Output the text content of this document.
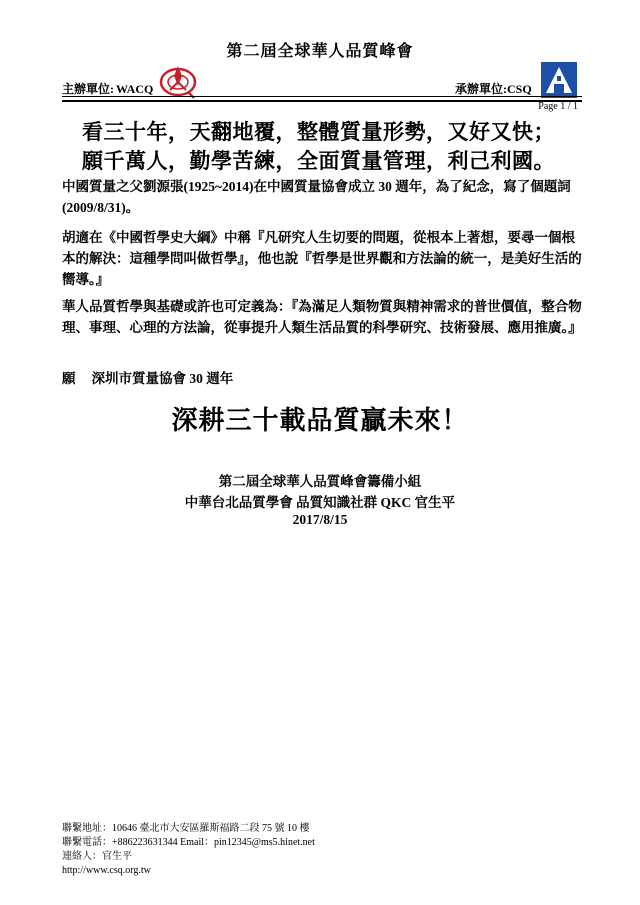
第二屆全球華人品質峰會
主辦單位: WACQ	承辦單位:CSQ
Page 1 / 1
看三十年，天翻地覆，整體質量形勢，又好又快；
願千萬人，勤學苦練，全面質量管理，利己利國。
中國質量之父劉源張(1925~2014)在中國質量協會成立 30 週年，為了紀念，寫了個題詞(2009/8/31)。
胡適在《中國哲學史大綱》中稱『凡研究人生切要的問題，從根本上著想，要尋一個根本的解決：這種學問叫做哲學』，他也說『哲學是世界觀和方法論的統一，是美好生活的嚮導。』
華人品質哲學與基礎或許也可定義為：『為滿足人類物質與精神需求的普世價值，整合物理、事理、心理的方法論，從事提升人類生活品質的科學研究、技術發展、應用推廣。』
願 深圳市質量協會 30 週年
深耕三十載品質贏未來！
第二屆全球華人品質峰會籌備小組
中華台北品質學會 品質知識社群 QKC 官生平
2017/8/15
聯繫地址：10646 臺北市大安區羅斯福路二段 75 號 10 樓
聯繫電話：+886223631344 Email：pin12345@ms5.hinet.net
連絡人：官生平
http://www.csq.org.tw
